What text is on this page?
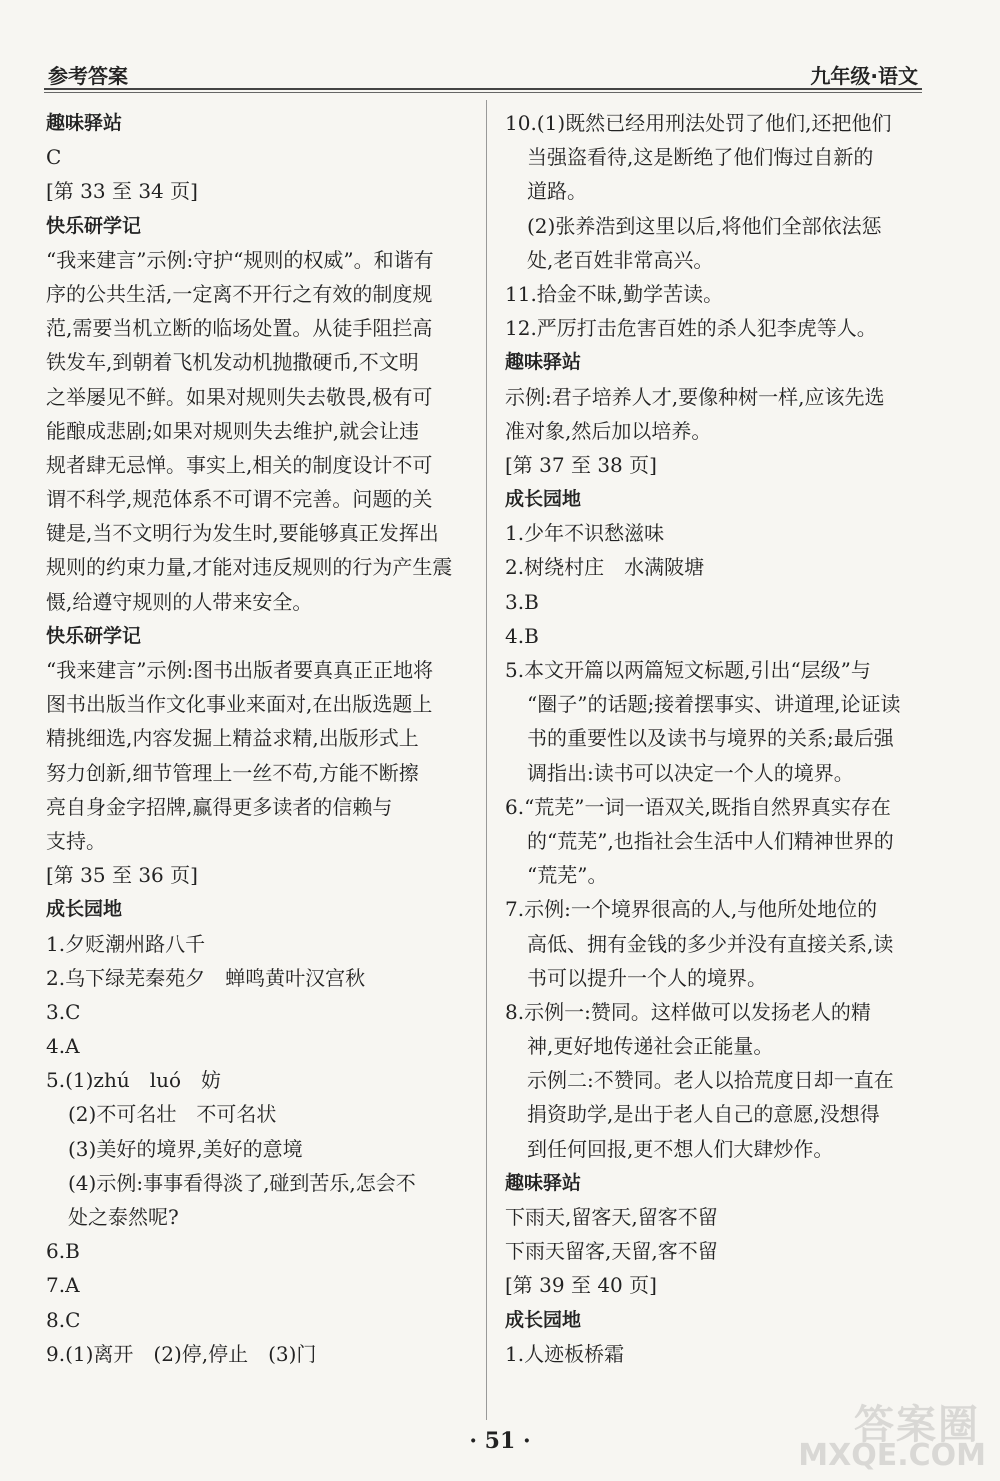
参考答案	九年级·语文
趣味驿站
C
[第 33 至 34 页]
快乐研学记
“我来建言”示例:守护“规则的权威”。和谐有
序的公共生活,一定离不开行之有效的制度规
范,需要当机立断的临场处置。从徒手阻拦高
铁发车,到朝着飞机发动机抛撒硬币,不文明
之举屡见不鲜。如果对规则失去敬畏,极有可
能酿成悲剧;如果对规则失去维护,就会让违
规者肆无忌惮。事实上,相关的制度设计不可
谓不科学,规范体系不可谓不完善。问题的关
键是,当不文明行为发生时,要能够真正发挥出
规则的约束力量,才能对违反规则的行为产生震
慑,给遵守规则的人带来安全。
快乐研学记
“我来建言”示例:图书出版者要真真正正地将
图书出版当作文化事业来面对,在出版选题上
精挑细选,内容发掘上精益求精,出版形式上
努力创新,细节管理上一丝不苟,方能不断擦
亮自身金字招牌,赢得更多读者的信赖与
支持。
[第 35 至 36 页]
成长园地
1.夕贬潮州路八千
2.乌下绿芜秦苑夕　蝉鸣黄叶汉宫秋
3.C
4.A
5.(1)zhú　luó　妨
(2)不可名壮　不可名状
(3)美好的境界,美好的意境
(4)示例:事事看得淡了,碰到苦乐,怎会不
处之泰然呢?
6.B
7.A
8.C
9.(1)离开　(2)停,停止　(3)门
10.(1)既然已经用刑法处罚了他们,还把他们
当强盗看待,这是断绝了他们悔过自新的
道路。
(2)张养浩到这里以后,将他们全部依法惩
处,老百姓非常高兴。
11.拾金不昧,勤学苦读。
12.严厉打击危害百姓的杀人犯李虎等人。
趣味驿站
示例:君子培养人才,要像种树一样,应该先选
准对象,然后加以培养。
[第 37 至 38 页]
成长园地
1.少年不识愁滋味
2.树绕村庄　水满陂塘
3.B
4.B
5.本文开篇以两篇短文标题,引出“层级”与
“圈子”的话题;接着摆事实、讲道理,论证读
书的重要性以及读书与境界的关系;最后强
调指出:读书可以决定一个人的境界。
6.“荒芜”一词一语双关,既指自然界真实存在
的“荒芜”,也指社会生活中人们精神世界的
“荒芜”。
7.示例:一个境界很高的人,与他所处地位的
高低、拥有金钱的多少并没有直接关系,读
书可以提升一个人的境界。
8.示例一:赞同。这样做可以发扬老人的精
神,更好地传递社会正能量。
示例二:不赞同。老人以拾荒度日却一直在
捐资助学,是出于老人自己的意愿,没想得
到任何回报,更不想人们大肆炒作。
趣味驿站
下雨天,留客天,留客不留
下雨天留客,天留,客不留
[第 39 至 40 页]
成长园地
1.人迹板桥霜
· 51 ·	答案圈
MXQE.COM
